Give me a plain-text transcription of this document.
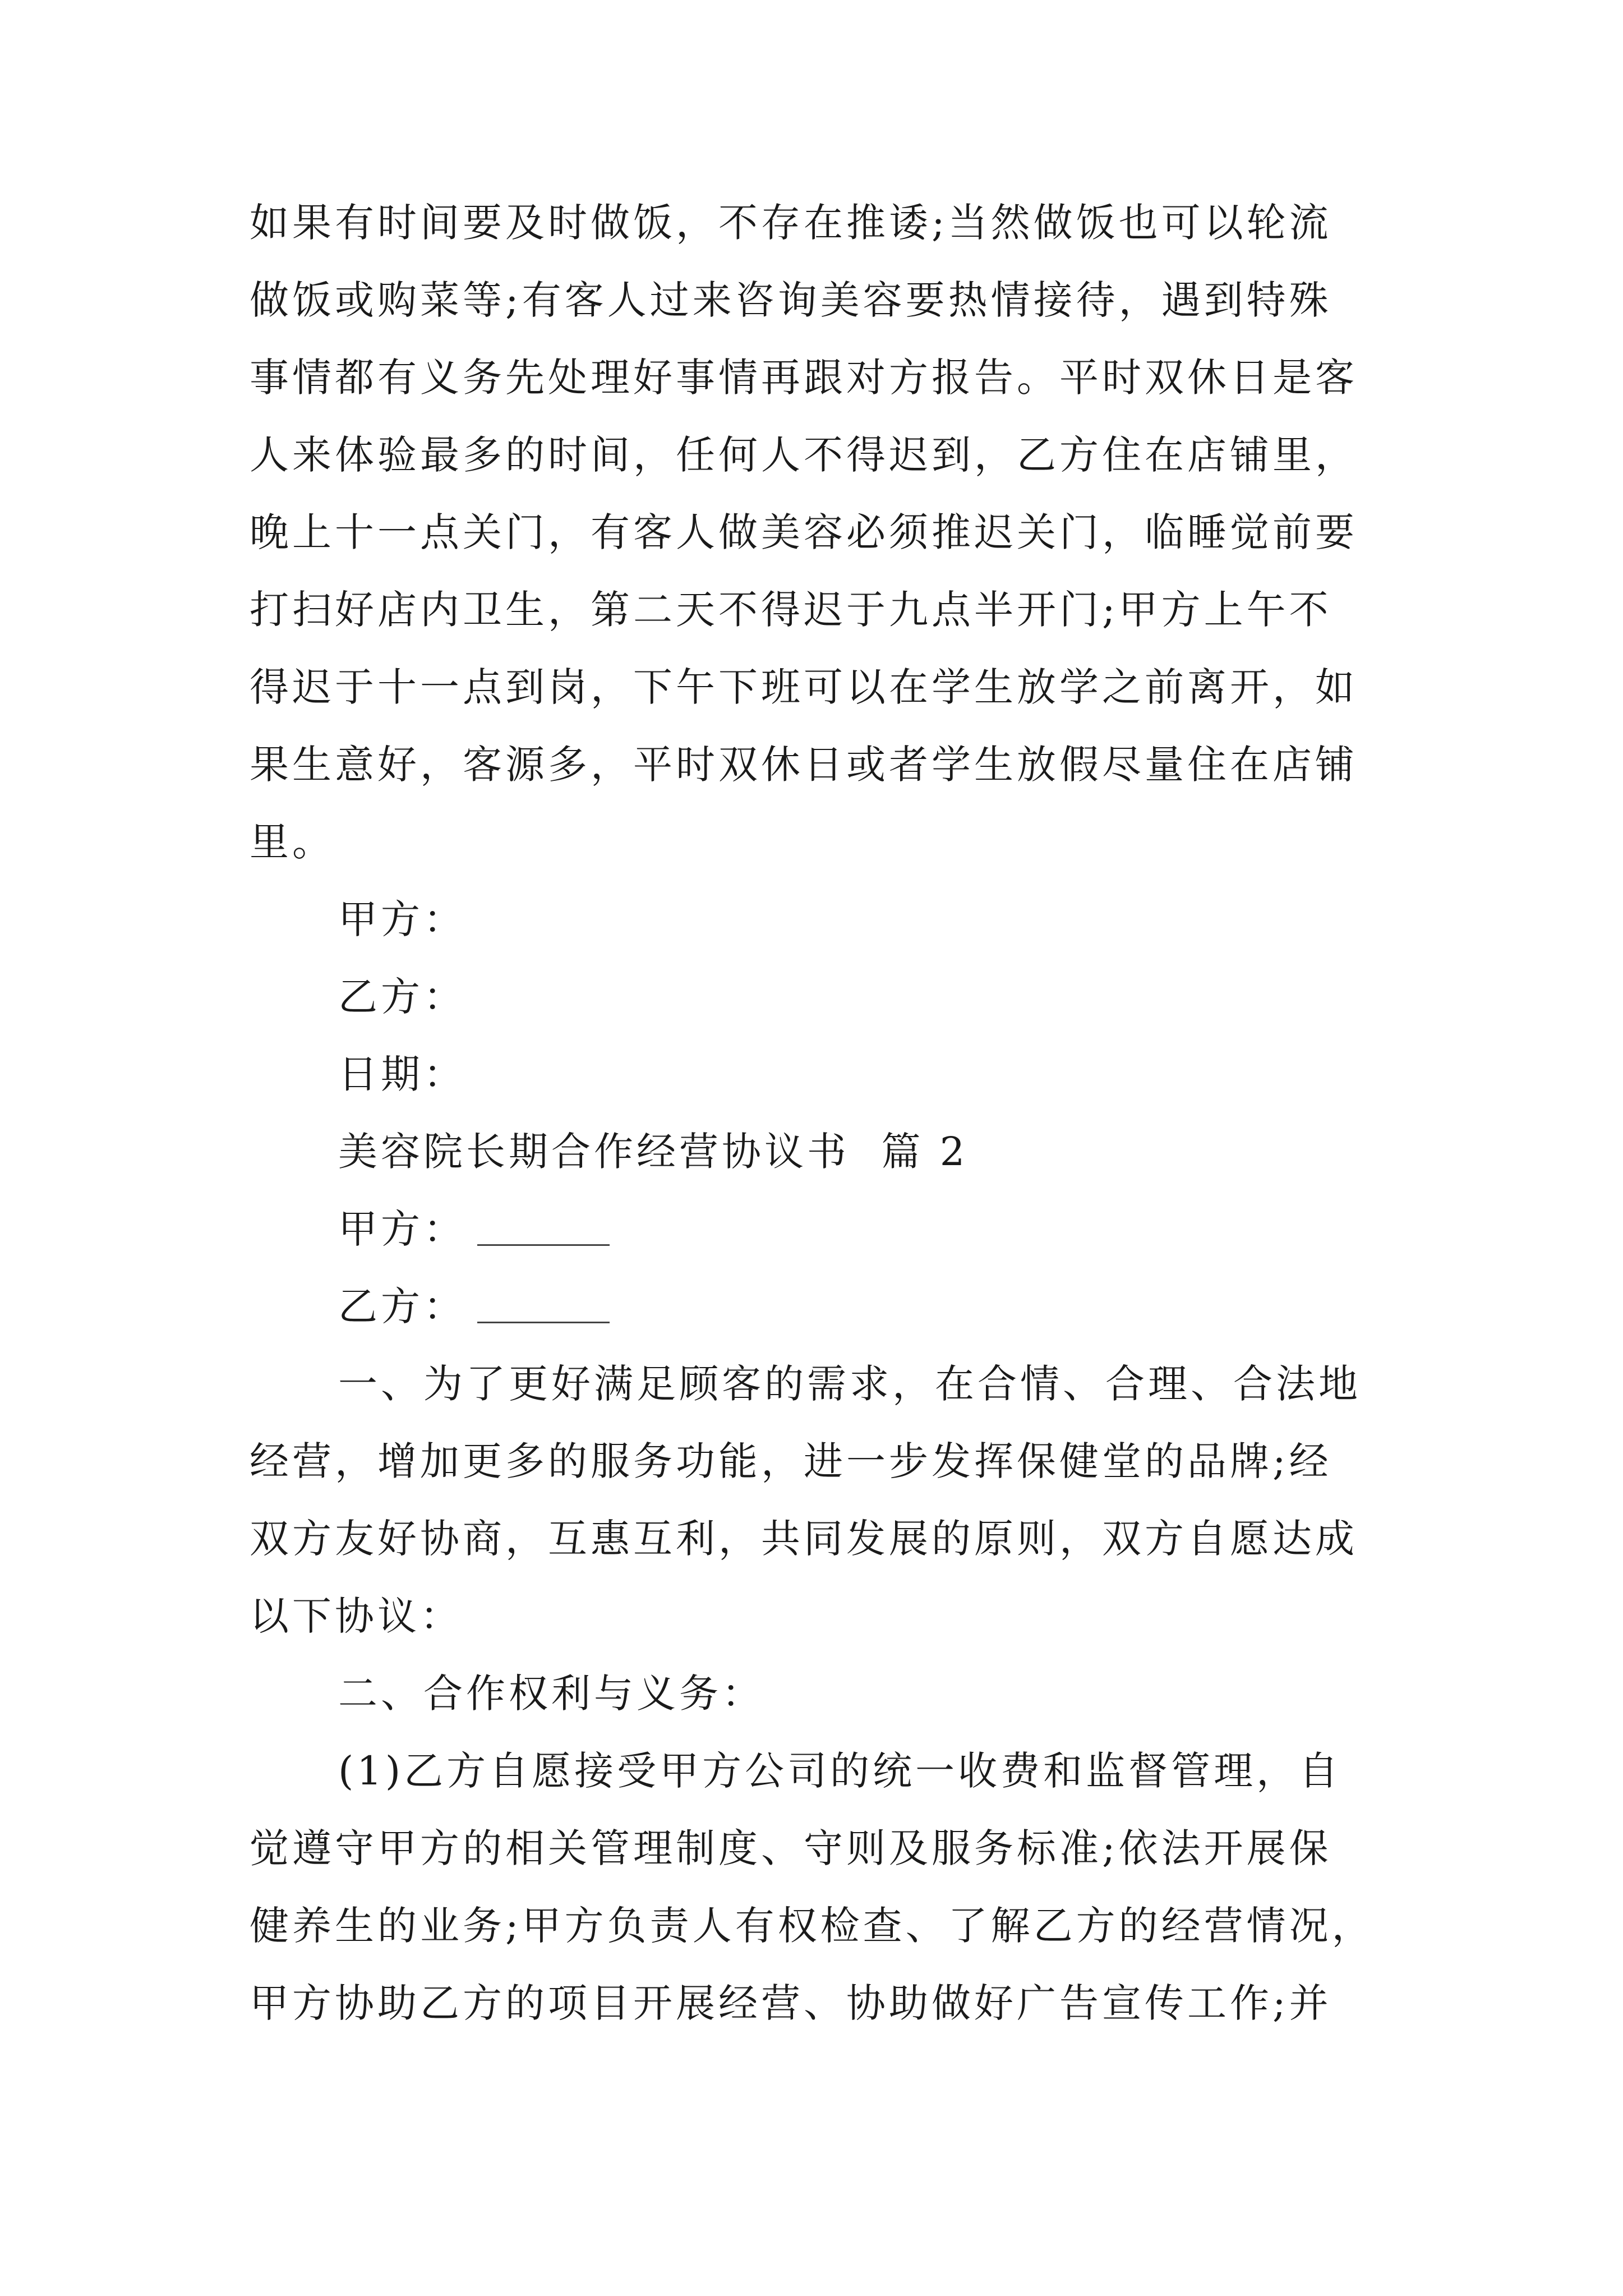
如果有时间要及时做饭，不存在推诿;当然做饭也可以轮流
做饭或购菜等;有客人过来咨询美容要热情接待，遇到特殊
事情都有义务先处理好事情再跟对方报告。平时双休日是客
人来体验最多的时间，任何人不得迟到，乙方住在店铺里，
晚上十一点关门，有客人做美容必须推迟关门，临睡觉前要
打扫好店内卫生，第二天不得迟于九点半开门;甲方上午不
得迟于十一点到岗，下午下班可以在学生放学之前离开，如
果生意好，客源多，平时双休日或者学生放假尽量住在店铺
里。
甲方：
乙方：
日期：
美容院长期合作经营协议书  篇 2
甲方：
乙方：
一、为了更好满足顾客的需求，在合情、合理、合法地
经营，增加更多的服务功能，进一步发挥保健堂的品牌;经
双方友好协商，互惠互利，共同发展的原则，双方自愿达成
以下协议：
二、合作权利与义务：
(1)乙方自愿接受甲方公司的统一收费和监督管理，自
觉遵守甲方的相关管理制度、守则及服务标准;依法开展保
健养生的业务;甲方负责人有权检查、了解乙方的经营情况，
甲方协助乙方的项目开展经营、协助做好广告宣传工作;并
